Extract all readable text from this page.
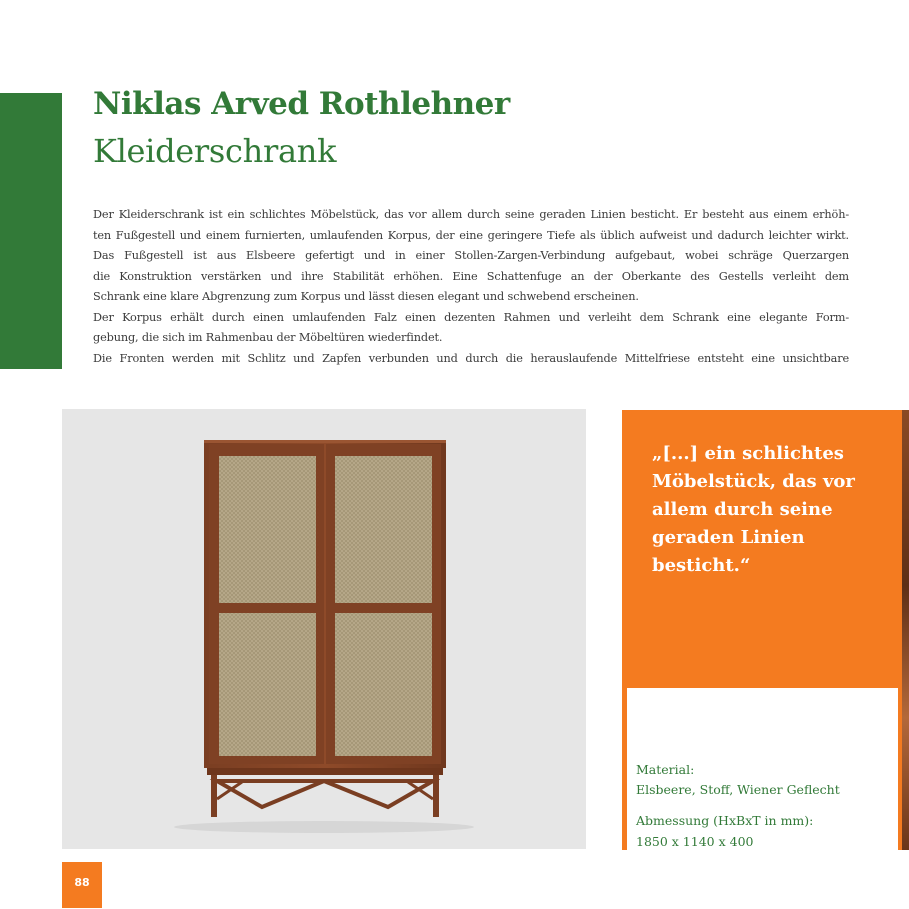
Niklas Arved Rothlehner
Kleiderschrank
Der Kleiderschrank ist ein schlichtes Möbelstück, das vor allem durch seine geraden Linien besticht. Er besteht aus einem erhöh-
ten Fußgestell und einem furnierten, umlaufenden Korpus, der eine geringere Tiefe als üblich aufweist und dadurch leichter wirkt.
Das Fußgestell ist aus Elsbeere gefertigt und in einer Stollen-Zargen-Verbindung aufgebaut, wobei schräge Querzargen
die Konstruktion verstärken und ihre Stabilität erhöhen. Eine Schattenfuge an der Oberkante des Gestells verleiht dem
Schrank eine klare Abgrenzung zum Korpus und lässt diesen elegant und schwebend erscheinen.
Der Korpus erhält durch einen umlaufenden Falz einen dezenten Rahmen und verleiht dem Schrank eine elegante Form-
gebung, die sich im Rahmenbau der Möbeltüren wiederfindet.
Die Fronten werden mit Schlitz und Zapfen verbunden und durch die herauslaufende Mittelfriese entsteht eine unsichtbare

„[...] ein schlichtes
Möbelstück, das vor
allem durch seine
geraden Linien
besticht.“

Material:
Elsbeere, Stoff, Wiener Geflecht
Abmessung (HxBxT in mm):
1850 x 1140 x 400
88
